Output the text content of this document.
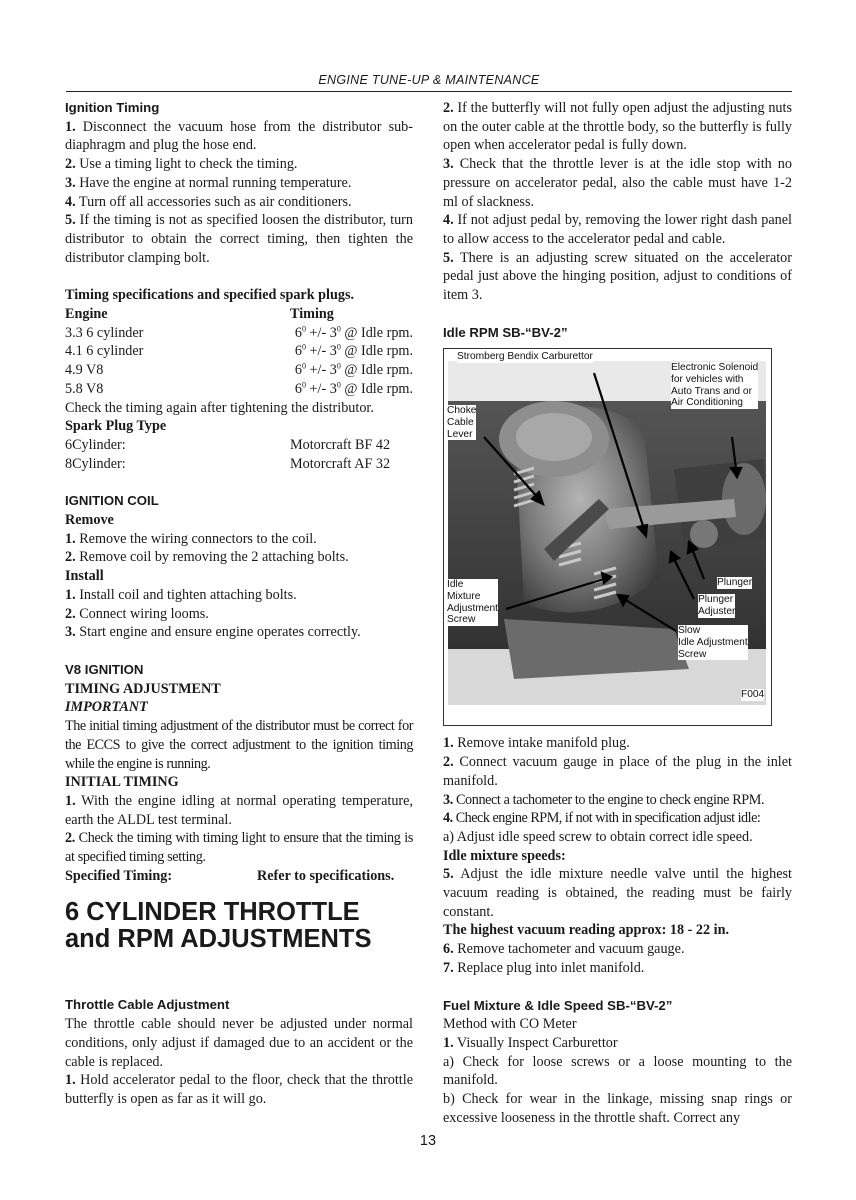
ENGINE TUNE-UP & MAINTENANCE
Ignition Timing

1. Disconnect the vacuum hose from the distributor sub-diaphragm and plug the hose end.

2. Use a timing light to check the timing.

3. Have the engine at normal running temperature.

4. Turn off all accessories such as air conditioners.

5. If the timing is not as specified loosen the distributor, turn distributor to obtain the correct timing, then tighten the distributor clamping bolt.

Timing specifications and specified spark plugs.
Engine	Timing
3.3 6 cylinder	$6^0$ +/- $3^0$ @ Idle rpm.
4.1 6 cylinder	$6^0$ +/- $3^0$ @ Idle rpm.
4.9 V8	$6^0$ +/- $3^0$ @ Idle rpm.
5.8 V8	$6^0$ +/- $3^0$ @ Idle rpm.

Check the timing again after tightening the distributor.

Spark Plug Type
6Cylinder:	Motorcraft BF 42
8Cylinder:	Motorcraft AF 32
IGNITION COIL
Remove

1. Remove the wiring connectors to the coil.

2. Remove coil by removing the 2 attaching bolts.

Install

1. Install coil and tighten attaching bolts.

2. Connect wiring looms.

3. Start engine and ensure engine operates correctly.

V8 IGNITION
TIMING ADJUSTMENT
IMPORTANT

The initial timing adjustment of the distributor must be correct for the ECCS to give the correct adjustment to the ignition timing while the engine is running.

INITIAL TIMING

1. With the engine idling at normal operating temperature, earth the ALDL test terminal.

2. Check the timing with timing light to ensure that the timing is at specified timing setting.

Specified Timing:	Refer to specifications.
6 CYLINDER THROTTLE
and RPM ADJUSTMENTS
Throttle Cable Adjustment

The throttle cable should never be adjusted under normal conditions, only adjust if damaged due to an accident or the cable is replaced.

1. Hold accelerator pedal to the floor, check that the throttle butterfly is open as far as it will go.

2. If the butterfly will not fully open adjust the adjusting nuts on the outer cable at the throttle body, so the butterfly is fully open when accelerator pedal is fully down.

3. Check that the throttle lever is at the idle stop with no pressure on accelerator pedal, also the cable must have 1-2 ml of slackness.

4. If not adjust pedal by, removing the lower right dash panel to allow access to the accelerator pedal and cable.

5. There is an adjusting screw situated on the accelerator pedal just above the hinging position, adjust to conditions of item 3.

Idle RPM SB-“BV-2”
Stromberg Bendix Carburettor
Electronic Solenoid
for vehicles with
Auto Trans and or
Air Conditioning
Choke
Cable
Lever
Idle
Mixture
Adjustment
Screw
Plunger
Plunger
Adjuster
Slow
Idle Adjustment
Screw
F004

1. Remove intake manifold plug.

2. Connect vacuum gauge in place of the plug in the inlet manifold.

3. Connect a tachometer to the engine to check engine RPM.

4. Check engine RPM, if not with in specification adjust idle:

a) Adjust idle speed screw to obtain correct idle speed.

Idle mixture speeds:

5. Adjust the idle mixture needle valve until the highest vacuum reading is obtained, the reading must be fairly constant.

The highest vacuum reading approx: 18 - 22 in.

6. Remove tachometer and vacuum gauge.

7. Replace plug into inlet manifold.

Fuel Mixture & Idle Speed SB-“BV-2”

Method with CO Meter

1. Visually Inspect Carburettor

a) Check for loose screws or a loose mounting to the manifold.

b) Check for wear in the linkage, missing snap rings or excessive looseness in the throttle shaft. Correct any

13
